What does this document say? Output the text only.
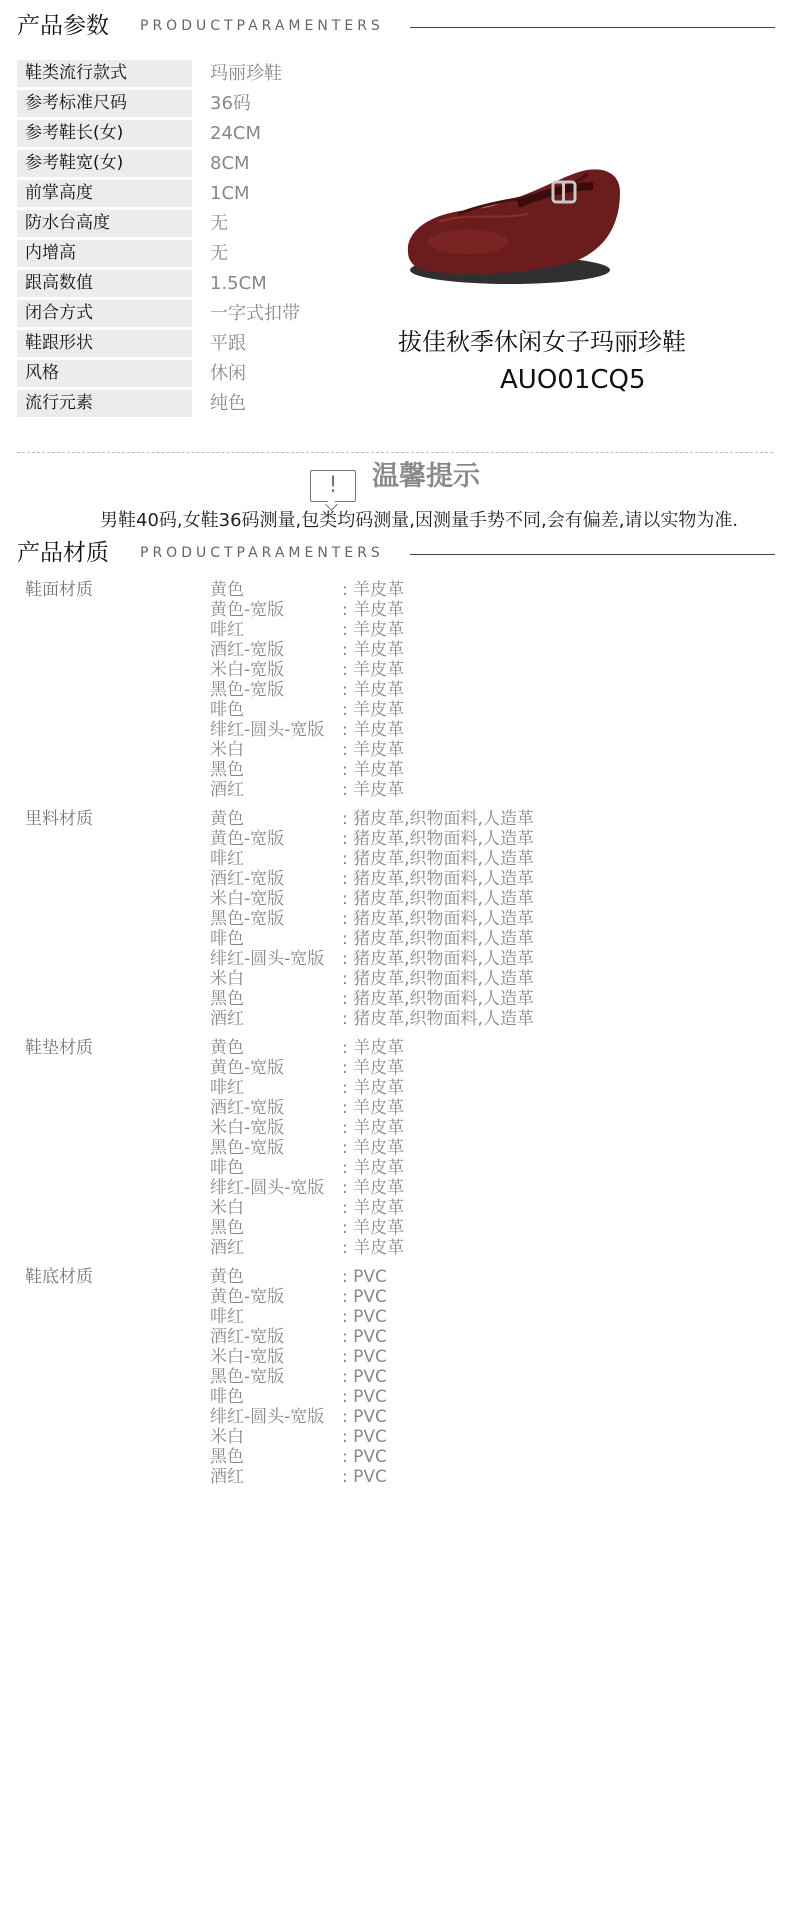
产品参数 PRODUCTPARAMENTERS
鞋类流行款式	玛丽珍鞋
参考标准尺码	36码
参考鞋长(女)	24CM
参考鞋宽(女)	8CM
前掌高度	1CM
防水台高度	无
内增高	无
跟高数值	1.5CM
闭合方式	一字式扣带
鞋跟形状	平跟
风格	休闲
流行元素	纯色
拔佳秋季休闲女子玛丽珍鞋
AUO01CQ5
!	温馨提示
男鞋40码,女鞋36码测量,包类均码测量,因测量手势不同,会有偏差,请以实物为准.
产品材质 PRODUCTPARAMENTERS
鞋面材质	黄色	: 羊皮革
黄色-宽版	: 羊皮革
啡红	: 羊皮革
酒红-宽版	: 羊皮革
米白-宽版	: 羊皮革
黑色-宽版	: 羊皮革
啡色	: 羊皮革
绯红-圆头-宽版 : 羊皮革
米白	: 羊皮革
黑色	: 羊皮革
酒红	: 羊皮革
里料材质	黄色	: 猪皮革,织物面料,人造革
黄色-宽版	: 猪皮革,织物面料,人造革
啡红	: 猪皮革,织物面料,人造革
酒红-宽版	: 猪皮革,织物面料,人造革
米白-宽版	: 猪皮革,织物面料,人造革
黑色-宽版	: 猪皮革,织物面料,人造革
啡色	: 猪皮革,织物面料,人造革
绯红-圆头-宽版 : 猪皮革,织物面料,人造革
米白	: 猪皮革,织物面料,人造革
黑色	: 猪皮革,织物面料,人造革
酒红	: 猪皮革,织物面料,人造革
鞋垫材质	黄色	: 羊皮革
黄色-宽版	: 羊皮革
啡红	: 羊皮革
酒红-宽版	: 羊皮革
米白-宽版	: 羊皮革
黑色-宽版	: 羊皮革
啡色	: 羊皮革
绯红-圆头-宽版 : 羊皮革
米白	: 羊皮革
黑色	: 羊皮革
酒红	: 羊皮革
鞋底材质	黄色	: PVC
黄色-宽版	: PVC
啡红	: PVC
酒红-宽版	: PVC
米白-宽版	: PVC
黑色-宽版	: PVC
啡色	: PVC
绯红-圆头-宽版 : PVC
米白	: PVC
黑色	: PVC
酒红	: PVC
